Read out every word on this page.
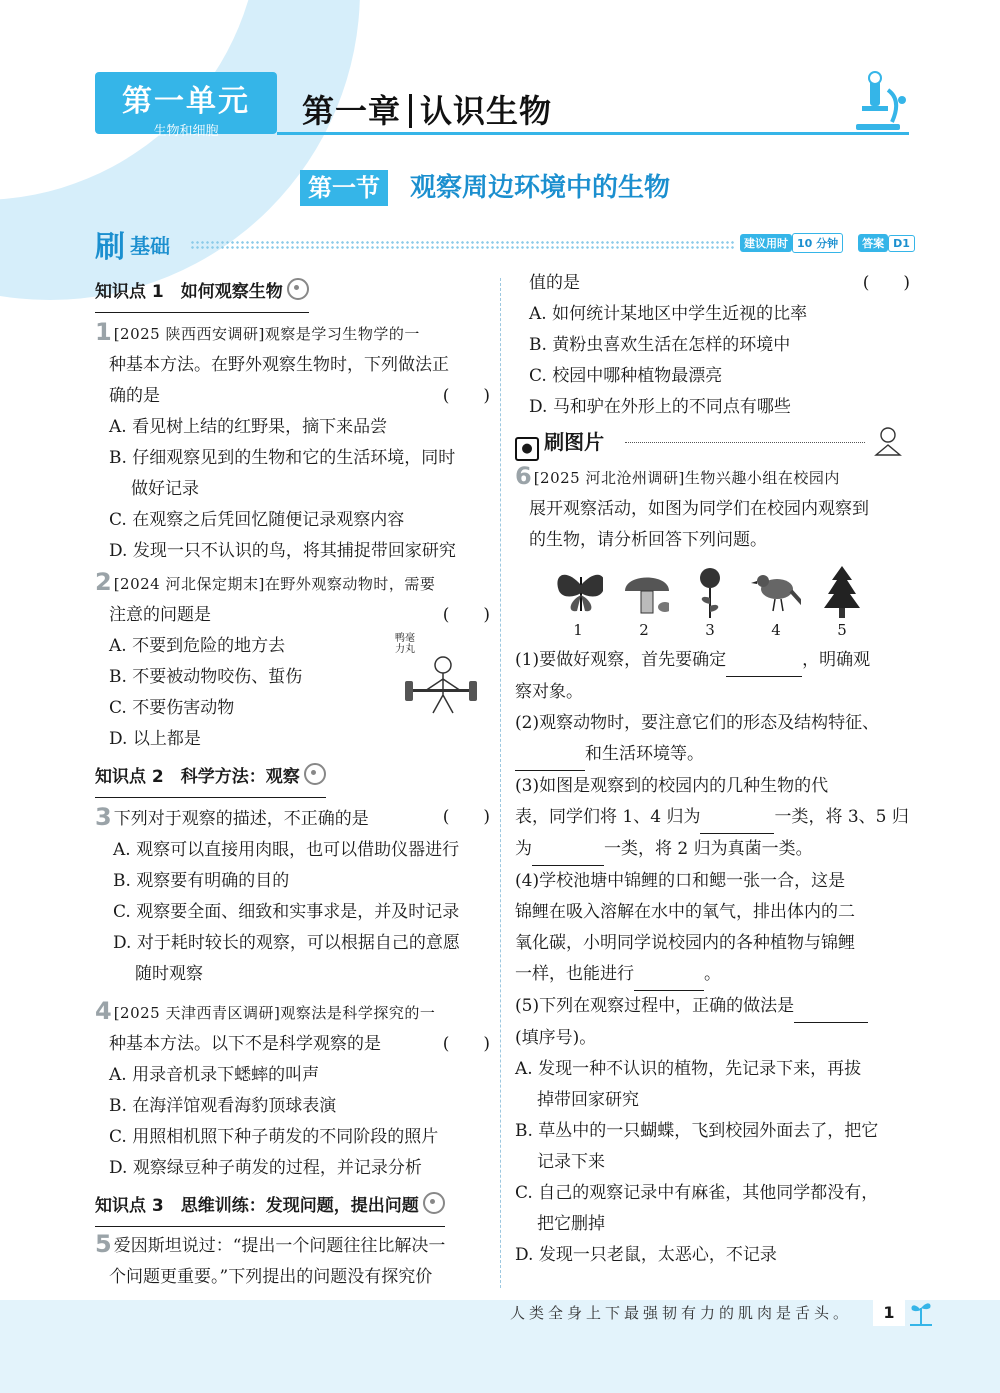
第一单元
生物和细胞
第一章 认识生物
第一节	观察周边环境中的生物
刷 基础	建议用时 10 分钟 答案 D1
知识点 1　如何观察生物
1 [2025 陕西西安调研]观察是学习生物学的一
种基本方法。在野外观察生物时，下列做法正
确的是	(　　)
A. 看见树上结的红野果，摘下来品尝
B. 仔细观察见到的生物和它的生活环境，同时
做好记录
C. 在观察之后凭回忆随便记录观察内容
D. 发现一只不认识的鸟，将其捕捉带回家研究
2 [2024 河北保定期末]在野外观察动物时，需要
注意的问题是	(　　)
A. 不要到危险的地方去
B. 不要被动物咬伤、蜇伤
C. 不要伤害动物
D. 以上都是
鸭毫力丸
知识点 2　科学方法：观察
3 下列对于观察的描述，不正确的是	(　　)
A. 观察可以直接用肉眼，也可以借助仪器进行
B. 观察要有明确的目的
C. 观察要全面、细致和实事求是，并及时记录
D. 对于耗时较长的观察，可以根据自己的意愿
随时观察
4 [2025 天津西青区调研]观察法是科学探究的一
种基本方法。以下不是科学观察的是	(　　)
A. 用录音机录下蟋蟀的叫声
B. 在海洋馆观看海豹顶球表演
C. 用照相机照下种子萌发的不同阶段的照片
D. 观察绿豆种子萌发的过程，并记录分析
知识点 3　思维训练：发现问题，提出问题
5 爱因斯坦说过：“提出一个问题往往比解决一
个问题更重要。”下列提出的问题没有探究价
值的是	(　　)
A. 如何统计某地区中学生近视的比率
B. 黄粉虫喜欢生活在怎样的环境中
C. 校园中哪种植物最漂亮
D. 马和驴在外形上的不同点有哪些
● 刷图片
6 [2025 河北沧州调研]生物兴趣小组在校园内
展开观察活动，如图为同学们在校园内观察到
的生物，请分析回答下列问题。
1	2	3	4	5
(1)要做好观察，首先要确定	，明确观
察对象。
(2)观察动物时，要注意它们的形态及结构特征、
和生活环境等。
(3)如图是观察到的校园内的几种生物的代
表，同学们将 1、4 归为	一类，将 3、5 归
为	一类，将 2 归为真菌一类。
(4)学校池塘中锦鲤的口和鳃一张一合，这是
锦鲤在吸入溶解在水中的氧气，排出体内的二
氧化碳，小明同学说校园内的各种植物与锦鲤
一样，也能进行	。
(5)下列在观察过程中，正确的做法是
(填序号)。
A. 发现一种不认识的植物，先记录下来，再拔
掉带回家研究
B. 草丛中的一只蝴蝶，飞到校园外面去了，把它
记录下来
C. 自己的观察记录中有麻雀，其他同学都没有，
把它删掉
D. 发现一只老鼠，太恶心，不记录
人类全身上下最强韧有力的肌肉是舌头。	1
